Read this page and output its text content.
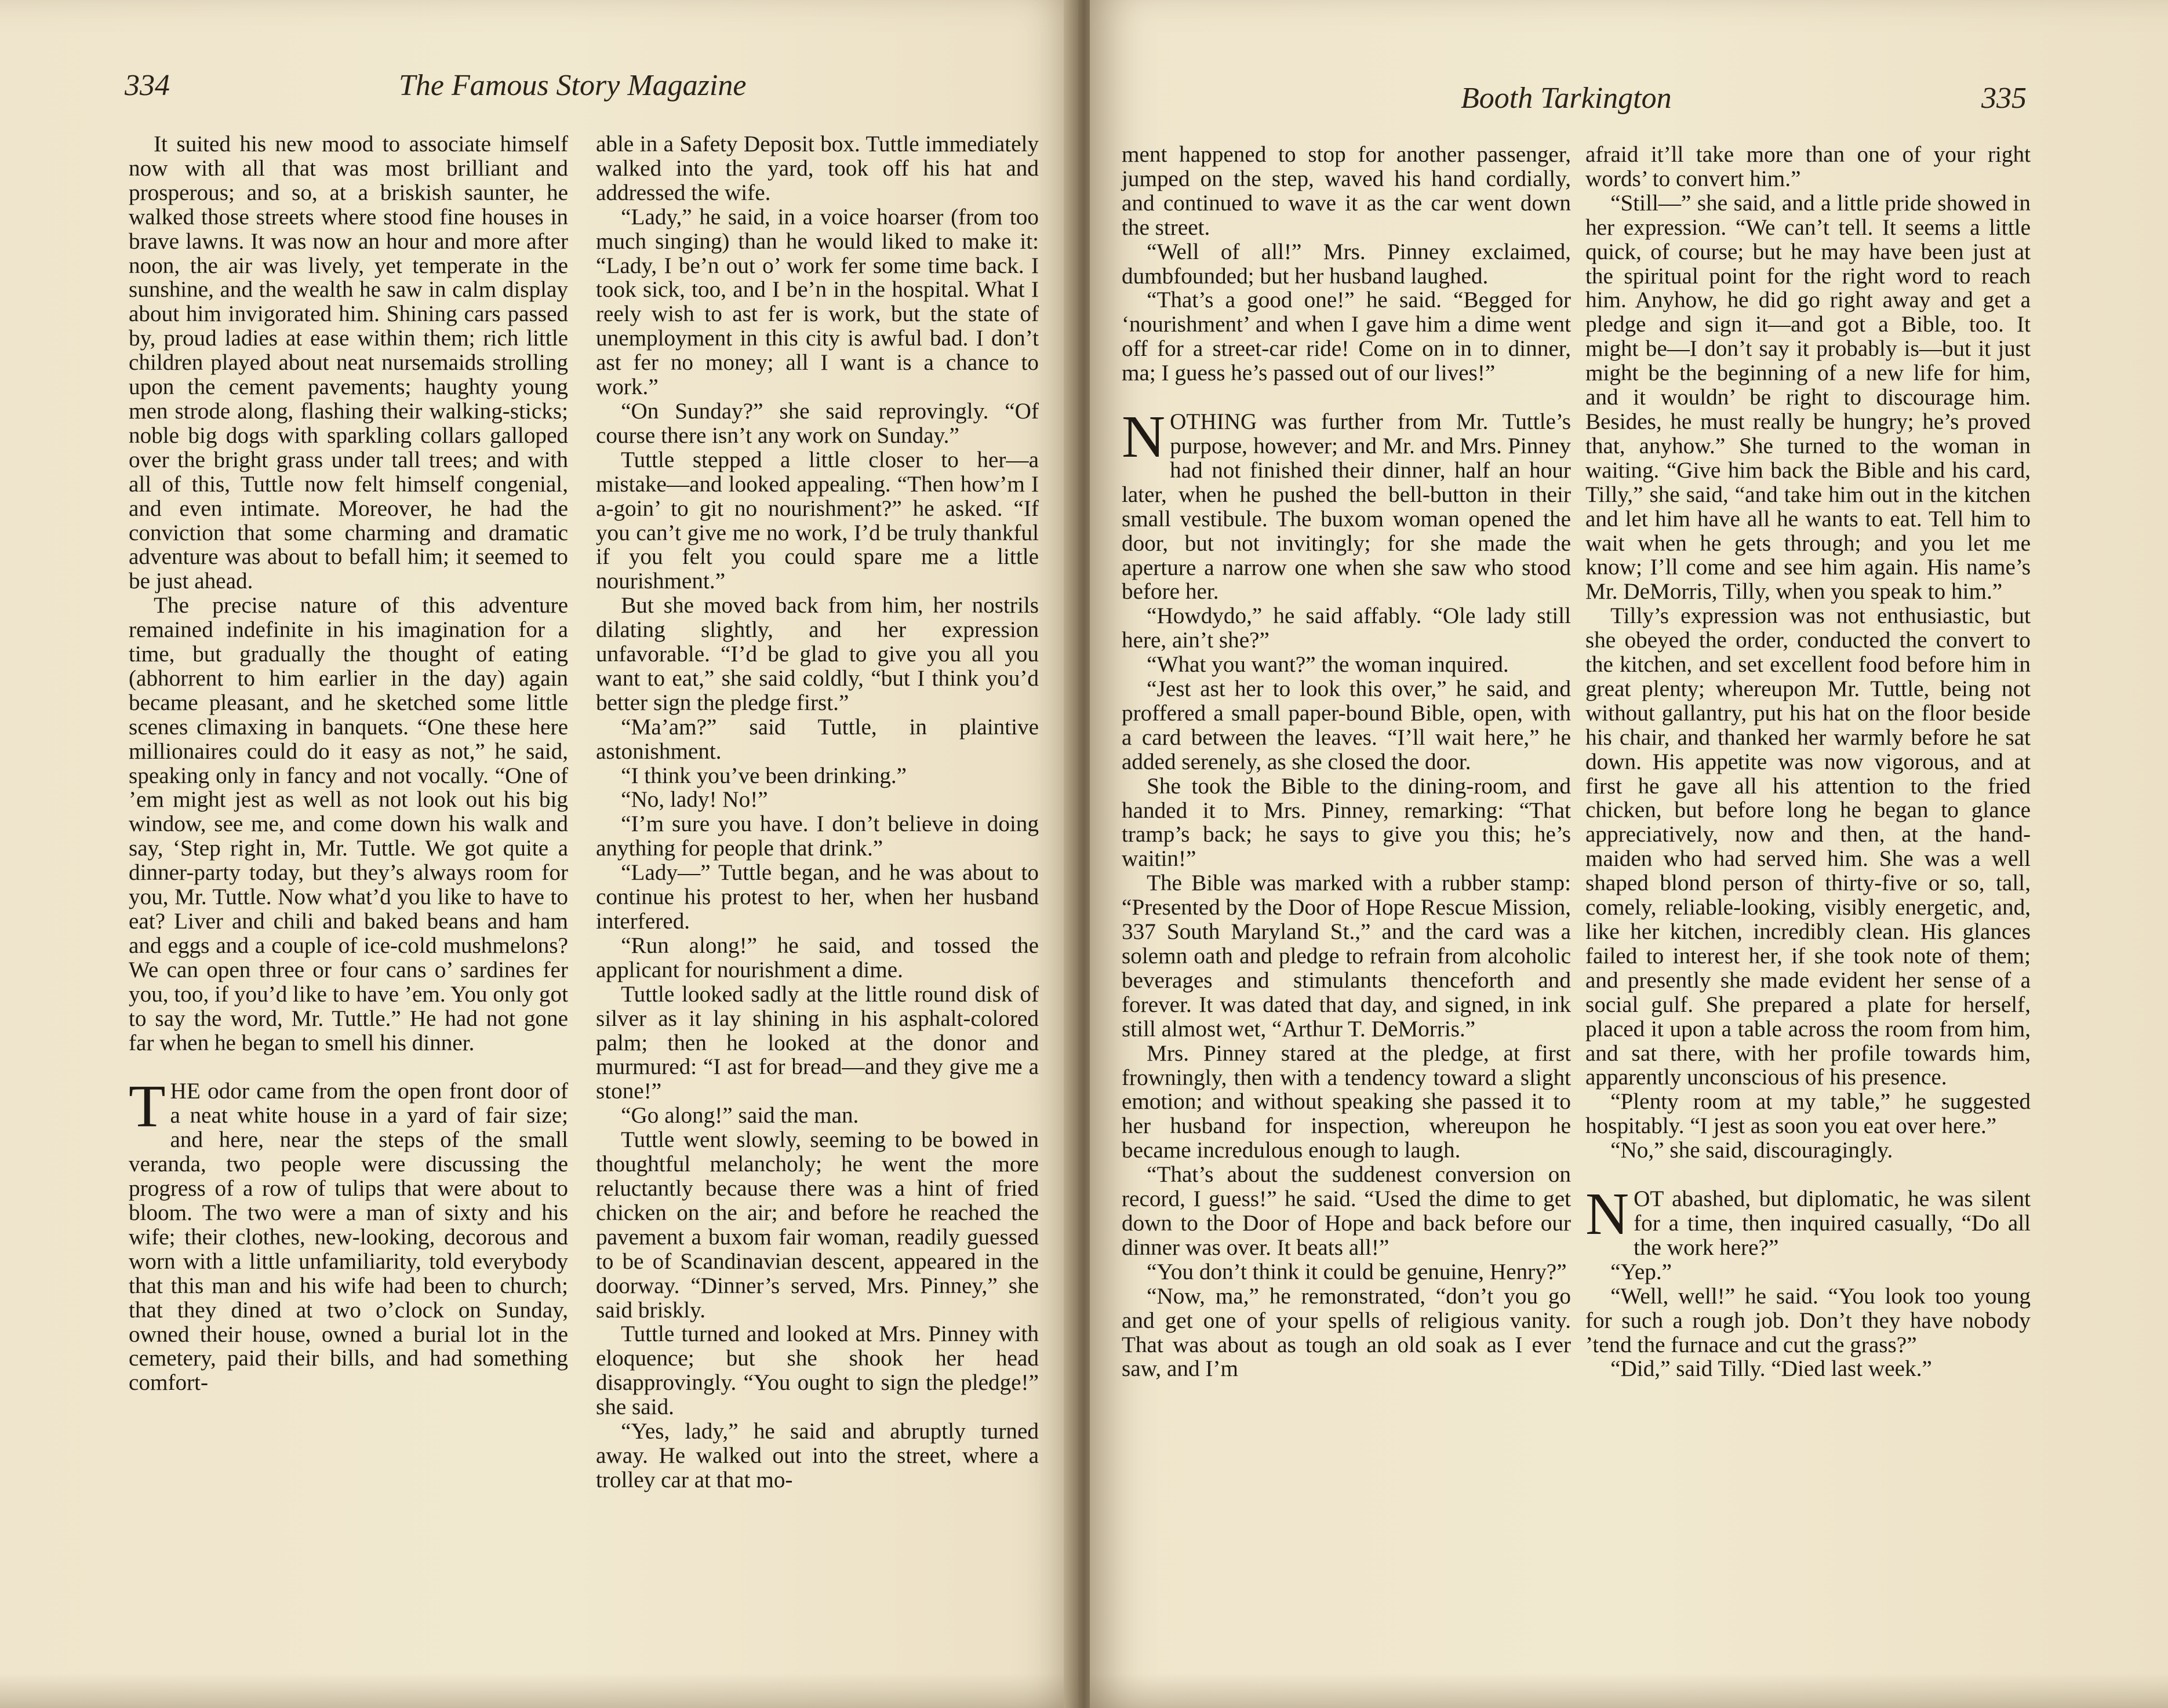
334	The Famous Story Magazine

It suited his new mood to associate himself now with all that was most brilliant and prosperous; and so, at a briskish saunter, he walked those streets where stood fine houses in brave lawns. It was now an hour and more after noon, the air was lively, yet temperate in the sunshine, and the wealth he saw in calm display about him invigorated him. Shining cars passed by, proud ladies at ease within them; rich little children played about neat nursemaids strolling upon the cement pavements; haughty young men strode along, flashing their walking-sticks; noble big dogs with sparkling collars galloped over the bright grass under tall trees; and with all of this, Tuttle now felt himself congenial, and even intimate. Moreover, he had the conviction that some charming and dramatic adventure was about to befall him; it seemed to be just ahead.

The precise nature of this adventure remained indefinite in his imagination for a time, but gradually the thought of eating (abhorrent to him earlier in the day) again became pleasant, and he sketched some little scenes climaxing in banquets. “One these here millionaires could do it easy as not,” he said, speaking only in fancy and not vocally. “One of ’em might jest as well as not look out his big window, see me, and come down his walk and say, ‘Step right in, Mr. Tuttle. We got quite a dinner-party today, but they’s always room for you, Mr. Tuttle. Now what’d you like to have to eat? Liver and chili and baked beans and ham and eggs and a couple of ice-cold mushmelons? We can open three or four cans o’ sardines fer you, too, if you’d like to have ’em. You only got to say the word, Mr. Tuttle.” He had not gone far when he began to smell his dinner.

THE odor came from the open front door of a neat white house in a yard of fair size; and here, near the steps of the small veranda, two people were discussing the progress of a row of tulips that were about to bloom. The two were a man of sixty and his wife; their clothes, new-looking, decorous and worn with a little unfamiliarity, told everybody that this man and his wife had been to church; that they dined at two o’clock on Sunday, owned their house, owned a burial lot in the cemetery, paid their bills, and had something comfort-

able in a Safety Deposit box. Tuttle immediately walked into the yard, took off his hat and addressed the wife.

“Lady,” he said, in a voice hoarser (from too much singing) than he would liked to make it: “Lady, I be’n out o’ work fer some time back. I took sick, too, and I be’n in the hospital. What I reely wish to ast fer is work, but the state of unemployment in this city is awful bad. I don’t ast fer no money; all I want is a chance to work.”

“On Sunday?” she said reprovingly. “Of course there isn’t any work on Sunday.”

Tuttle stepped a little closer to her—a mistake—and looked appealing. “Then how’m I a-goin’ to git no nourishment?” he asked. “If you can’t give me no work, I’d be truly thankful if you felt you could spare me a little nourishment.”

But she moved back from him, her nostrils dilating slightly, and her expression unfavorable. “I’d be glad to give you all you want to eat,” she said coldly, “but I think you’d better sign the pledge first.”

“Ma’am?” said Tuttle, in plaintive astonishment.

“I think you’ve been drinking.”

“No, lady! No!”

“I’m sure you have. I don’t believe in doing anything for people that drink.”

“Lady—” Tuttle began, and he was about to continue his protest to her, when her husband interfered.

“Run along!” he said, and tossed the applicant for nourishment a dime.

Tuttle looked sadly at the little round disk of silver as it lay shining in his asphalt-colored palm; then he looked at the donor and murmured: “I ast for bread—and they give me a stone!”

“Go along!” said the man.

Tuttle went slowly, seeming to be bowed in thoughtful melancholy; he went the more reluctantly because there was a hint of fried chicken on the air; and before he reached the pavement a buxom fair woman, readily guessed to be of Scandinavian descent, appeared in the doorway. “Dinner’s served, Mrs. Pinney,” she said briskly.

Tuttle turned and looked at Mrs. Pinney with eloquence; but she shook her head disapprovingly. “You ought to sign the pledge!” she said.

“Yes, lady,” he said and abruptly turned away. He walked out into the street, where a trolley car at that mo-

Booth Tarkington	335

ment happened to stop for another passenger, jumped on the step, waved his hand cordially, and continued to wave it as the car went down the street.

“Well of all!” Mrs. Pinney exclaimed, dumbfounded; but her husband laughed.

“That’s a good one!” he said. “Begged for ‘nourishment’ and when I gave him a dime went off for a street-car ride! Come on in to dinner, ma; I guess he’s passed out of our lives!”

NOTHING was further from Mr. Tuttle’s purpose, however; and Mr. and Mrs. Pinney had not finished their dinner, half an hour later, when he pushed the bell-button in their small vestibule. The buxom woman opened the door, but not invitingly; for she made the aperture a narrow one when she saw who stood before her.

“Howdydo,” he said affably. “Ole lady still here, ain’t she?”

“What you want?” the woman inquired.

“Jest ast her to look this over,” he said, and proffered a small paper-bound Bible, open, with a card between the leaves. “I’ll wait here,” he added serenely, as she closed the door.

She took the Bible to the dining-room, and handed it to Mrs. Pinney, remarking: “That tramp’s back; he says to give you this; he’s waitin!”

The Bible was marked with a rubber stamp: “Presented by the Door of Hope Rescue Mission, 337 South Maryland St.,” and the card was a solemn oath and pledge to refrain from alcoholic beverages and stimulants thenceforth and forever. It was dated that day, and signed, in ink still almost wet, “Arthur T. DeMorris.”

Mrs. Pinney stared at the pledge, at first frowningly, then with a tendency toward a slight emotion; and without speaking she passed it to her husband for inspection, whereupon he became incredulous enough to laugh.

“That’s about the suddenest conversion on record, I guess!” he said. “Used the dime to get down to the Door of Hope and back before our dinner was over. It beats all!”

“You don’t think it could be genuine, Henry?”

“Now, ma,” he remonstrated, “don’t you go and get one of your spells of religious vanity. That was about as tough an old soak as I ever saw, and I’m

afraid it’ll take more than one of your right words’ to convert him.”

“Still—” she said, and a little pride showed in her expression. “We can’t tell. It seems a little quick, of course; but he may have been just at the spiritual point for the right word to reach him. Anyhow, he did go right away and get a pledge and sign it—and got a Bible, too. It might be—I don’t say it probably is—but it just might be the beginning of a new life for him, and it wouldn’ be right to discourage him. Besides, he must really be hungry; he’s proved that, anyhow.” She turned to the woman in waiting. “Give him back the Bible and his card, Tilly,” she said, “and take him out in the kitchen and let him have all he wants to eat. Tell him to wait when he gets through; and you let me know; I’ll come and see him again. His name’s Mr. DeMorris, Tilly, when you speak to him.”

Tilly’s expression was not enthusiastic, but she obeyed the order, conducted the convert to the kitchen, and set excellent food before him in great plenty; whereupon Mr. Tuttle, being not without gallantry, put his hat on the floor beside his chair, and thanked her warmly before he sat down. His appetite was now vigorous, and at first he gave all his attention to the fried chicken, but before long he began to glance appreciatively, now and then, at the hand-maiden who had served him. She was a well shaped blond person of thirty-five or so, tall, comely, reliable-looking, visibly energetic, and, like her kitchen, incredibly clean. His glances failed to interest her, if she took note of them; and presently she made evident her sense of a social gulf. She prepared a plate for herself, placed it upon a table across the room from him, and sat there, with her profile towards him, apparently unconscious of his presence.

“Plenty room at my table,” he suggested hospitably. “I jest as soon you eat over here.”

“No,” she said, discouragingly.

NOT abashed, but diplomatic, he was silent for a time, then inquired casually, “Do all the work here?”

“Yep.”

“Well, well!” he said. “You look too young for such a rough job. Don’t they have nobody ’tend the furnace and cut the grass?”

“Did,” said Tilly. “Died last week.”
